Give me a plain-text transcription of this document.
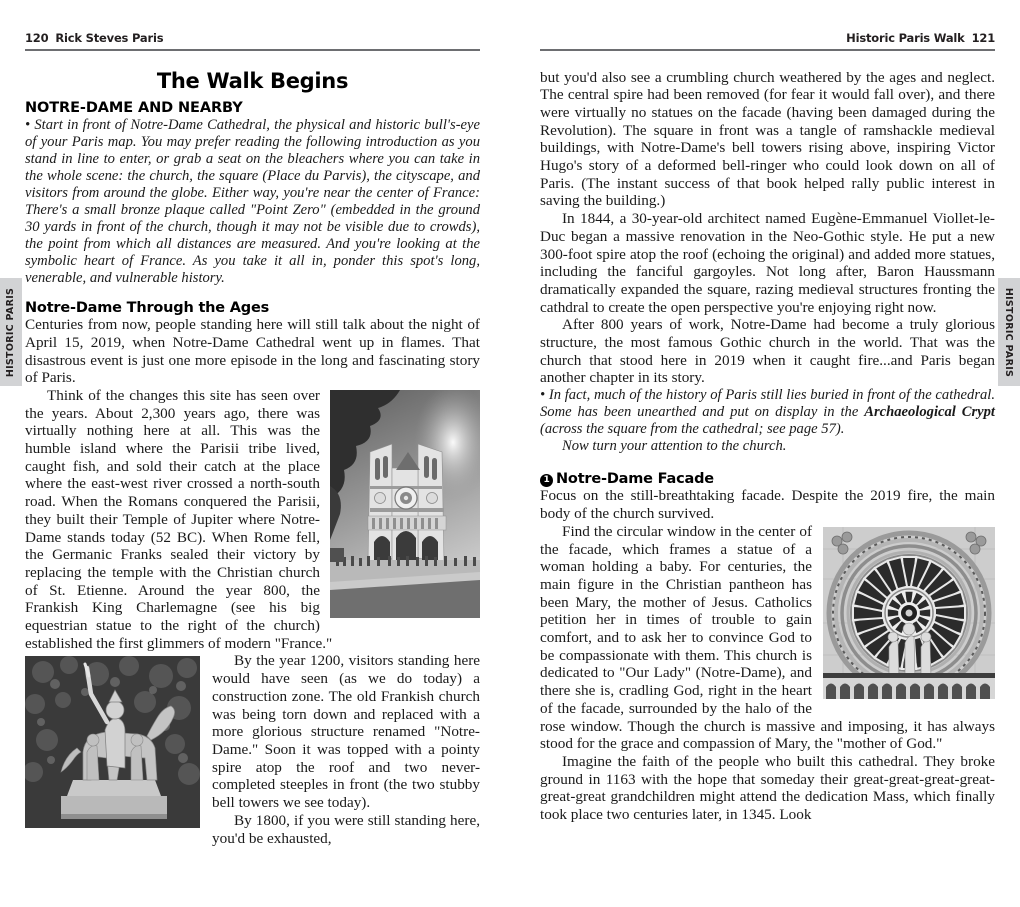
120 Rick Steves Paris
The Walk Begins
NOTRE-DAME AND NEARBY

• Start in front of Notre-Dame Cathedral, the physical and historic bull's-eye of your Paris map. You may prefer reading the following introduction as you stand in line to enter, or grab a seat on the bleachers where you can take in the whole scene: the church, the square (Place du Parvis), the cityscape, and visitors from around the globe. Either way, you're near the center of France: There's a small bronze plaque called "Point Zero" (embedded in the ground 30 yards in front of the church, though it may not be visible due to crowds), the point from which all distances are measured. And you're looking at the symbolic heart of France. As you take it all in, ponder this spot's long, venerable, and vulnerable history.

Notre-Dame Through the Ages

Centuries from now, people standing here will still talk about the night of April 15, 2019, when Notre-Dame Cathedral went up in flames. That disastrous event is just one more episode in the long and fascinating story of Paris.

Think of the changes this site has seen over the years. About 2,300 years ago, there was virtually nothing here at all. This was the humble island where the Parisii tribe lived, caught fish, and sold their catch at the place where the east-west river crossed a north-south road. When the Romans conquered the Parisii, they built their Temple of Jupiter where Notre-Dame stands today (52 BC). When Rome fell, the Germanic Franks sealed their victory by replacing the temple with the Christian church of St. Etienne. Around the year 800, the Frankish King Charlemagne (see his big equestrian statue to the right of the church) established the first glimmers of modern "France."

By the year 1200, visitors standing here would have seen (as we do today) a construction zone. The old Frankish church was being torn down and replaced with a more glorious structure renamed "Notre-Dame." Soon it was topped with a pointy spire atop the roof and two never-completed steeples in front (the two stubby bell towers we see today).

By 1800, if you were still standing here, you'd be exhausted,

HISTORIC PARIS
Historic Paris Walk 121

but you'd also see a crumbling church weathered by the ages and neglect. The central spire had been removed (for fear it would fall over), and there were virtually no statues on the facade (having been damaged during the Revolution). The square in front was a tangle of ramshackle medieval buildings, with Notre-Dame's bell towers rising above, inspiring Victor Hugo's story of a deformed bell-ringer who could look down on all of Paris. (The instant success of that book helped rally public interest in saving the building.)

In 1844, a 30-year-old architect named Eugène-Emmanuel Viollet-le-Duc began a massive renovation in the Neo-Gothic style. He put a new 300-foot spire atop the roof (echoing the original) and added more statues, including the fanciful gargoyles. Not long after, Baron Haussmann dramatically expanded the square, razing medieval structures fronting the cathdral to create the open perspective you're enjoying right now.

After 800 years of work, Notre-Dame had become a truly glorious structure, the most famous Gothic church in the world. That was the church that stood here in 2019 when it caught fire...and Paris began another chapter in its story.

• In fact, much of the history of Paris still lies buried in front of the cathedral. Some has been unearthed and put on display in the Archaeological Crypt (across the square from the cathedral; see page 57).

Now turn your attention to the church.

1 Notre-Dame Facade

Focus on the still-breathtaking facade. Despite the 2019 fire, the main body of the church survived.

Find the circular window in the center of the facade, which frames a statue of a woman holding a baby. For centuries, the main figure in the Christian pantheon has been Mary, the mother of Jesus. Catholics petition her in times of trouble to gain comfort, and to ask her to convince God to be compassionate with them. This church is dedicated to "Our Lady" (Notre-Dame), and there she is, cradling God, right in the heart of the facade, surrounded by the halo of the rose window. Though the church is massive and imposing, it has always stood for the grace and compassion of Mary, the "mother of God."

Imagine the faith of the people who built this cathedral. They broke ground in 1163 with the hope that someday their great-great-great-great-great-great grandchildren might attend the dedication Mass, which finally took place two centuries later, in 1345. Look

HISTORIC PARIS
